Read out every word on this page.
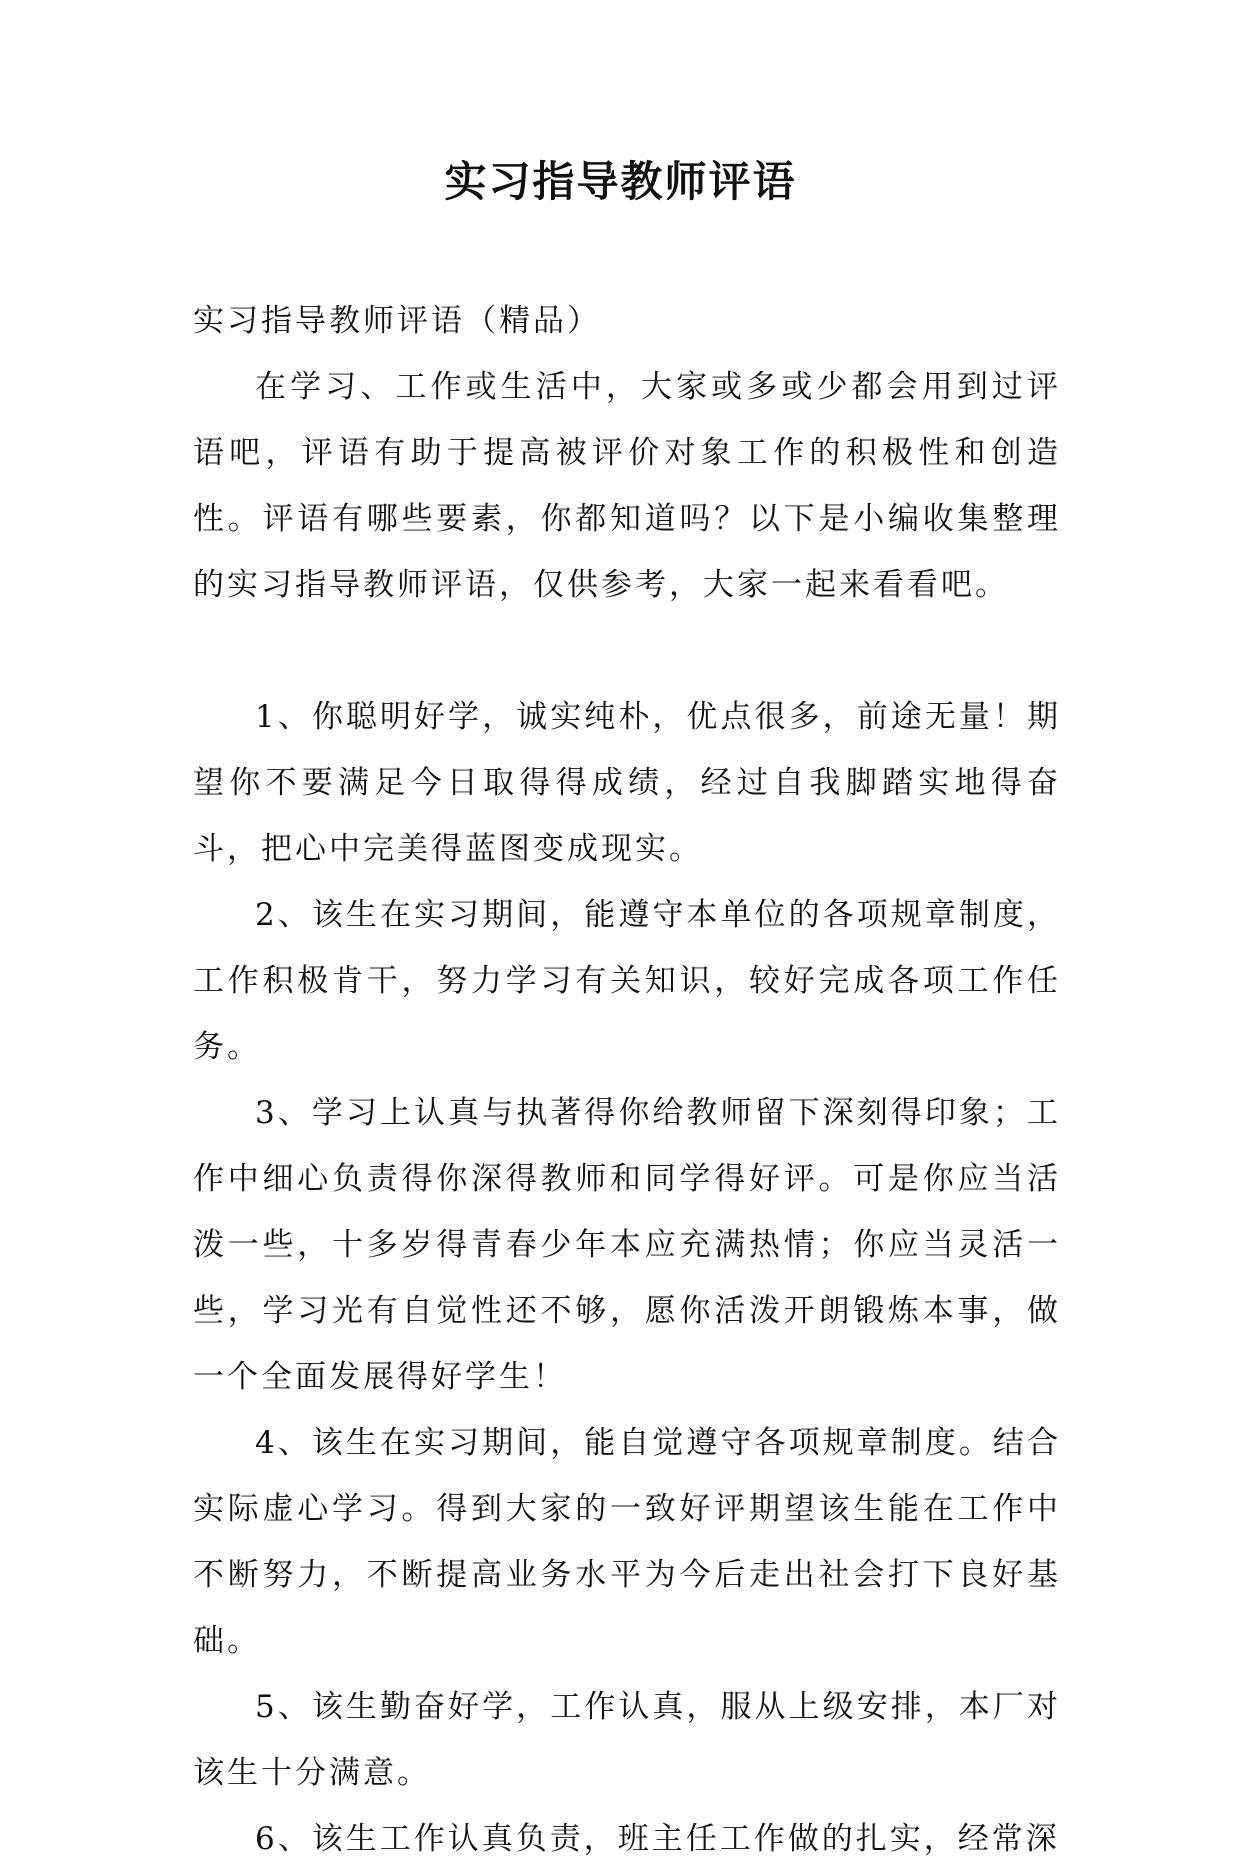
实习指导教师评语

实习指导教师评语（精品）

在学习、工作或生活中，大家或多或少都会用到过评语吧，评语有助于提高被评价对象工作的积极性和创造性。评语有哪些要素，你都知道吗？以下是小编收集整理的实习指导教师评语，仅供参考，大家一起来看看吧。

1、你聪明好学，诚实纯朴，优点很多，前途无量！期望你不要满足今日取得得成绩，经过自我脚踏实地得奋斗，把心中完美得蓝图变成现实。

2、该生在实习期间，能遵守本单位的各项规章制度，工作积极肯干，努力学习有关知识，较好完成各项工作任务。

3、学习上认真与执著得你给教师留下深刻得印象；工作中细心负责得你深得教师和同学得好评。可是你应当活泼一些，十多岁得青春少年本应充满热情；你应当灵活一些，学习光有自觉性还不够，愿你活泼开朗锻炼本事，做一个全面发展得好学生！

4、该生在实习期间，能自觉遵守各项规章制度。结合实际虚心学习。得到大家的一致好评期望该生能在工作中不断努力，不断提高业务水平为今后走出社会打下良好基础。

5、该生勤奋好学，工作认真，服从上级安排，本厂对该生十分满意。

6、该生工作认真负责，班主任工作做的扎实，经常深
